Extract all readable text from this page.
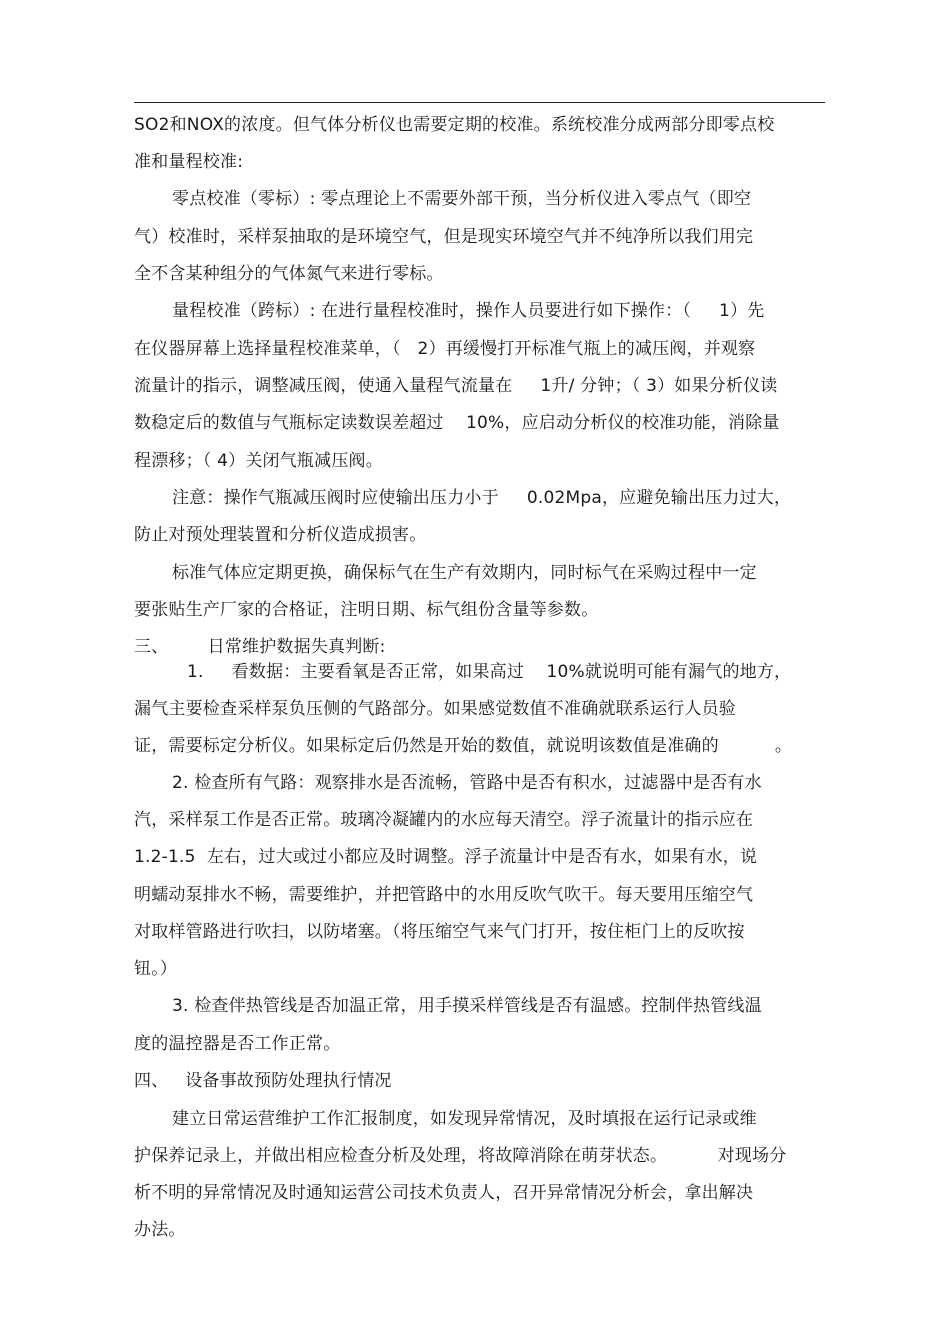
SO2和NOX的浓度。但气体分析仪也需要定期的校准。系统校准分成两部分即零点校
准和量程校准:
零点校准（零标）: 零点理论上不需要外部干预，当分析仪进入零点气（即空
气）校准时，采样泵抽取的是环境空气，但是现实环境空气并不纯净所以我们用完
全不含某种组分的气体氮气来进行零标。
量程校准（跨标）: 在进行量程校准时，操作人员要进行如下操作：（     1）先
在仪器屏幕上选择量程校准菜单，（   2）再缓慢打开标准气瓶上的减压阀，并观察
流量计的指示，调整减压阀，使通入量程气流量在     1升/ 分钟；（ 3）如果分析仪读
数稳定后的数值与气瓶标定读数误差超过    10%，应启动分析仪的校准功能，消除量
程漂移；（ 4）关闭气瓶减压阀。
注意：操作气瓶减压阀时应使输出压力小于     0.02Mpa，应避免输出压力过大，
防止对预处理装置和分析仪造成损害。
标准气体应定期更换，确保标气在生产有效期内，同时标气在采购过程中一定
要张贴生产厂家的合格证，注明日期、标气组份含量等参数。
三、       日常维护数据失真判断:
1.     看数据：主要看氧是否正常，如果高过    10%就说明可能有漏气的地方，
漏气主要检查采样泵负压侧的气路部分。如果感觉数值不准确就联系运行人员验
证，需要标定分析仪。如果标定后仍然是开始的数值，就说明该数值是准确的          。
2. 检查所有气路：观察排水是否流畅，管路中是否有积水，过滤器中是否有水
汽，采样泵工作是否正常。玻璃冷凝罐内的水应每天清空。浮子流量计的指示应在
1.2-1.5  左右，过大或过小都应及时调整。浮子流量计中是否有水，如果有水，说
明蠕动泵排水不畅，需要维护，并把管路中的水用反吹气吹干。每天要用压缩空气
对取样管路进行吹扫，以防堵塞。（将压缩空气来气门打开，按住柜门上的反吹按
钮。）
3. 检查伴热管线是否加温正常，用手摸采样管线是否有温感。控制伴热管线温
度的温控器是否工作正常。
四、   设备事故预防处理执行情况
建立日常运营维护工作汇报制度，如发现异常情况，及时填报在运行记录或维
护保养记录上，并做出相应检查分析及处理，将故障消除在萌芽状态。         对现场分
析不明的异常情况及时通知运营公司技术负责人，召开异常情况分析会，拿出解决
办法。
